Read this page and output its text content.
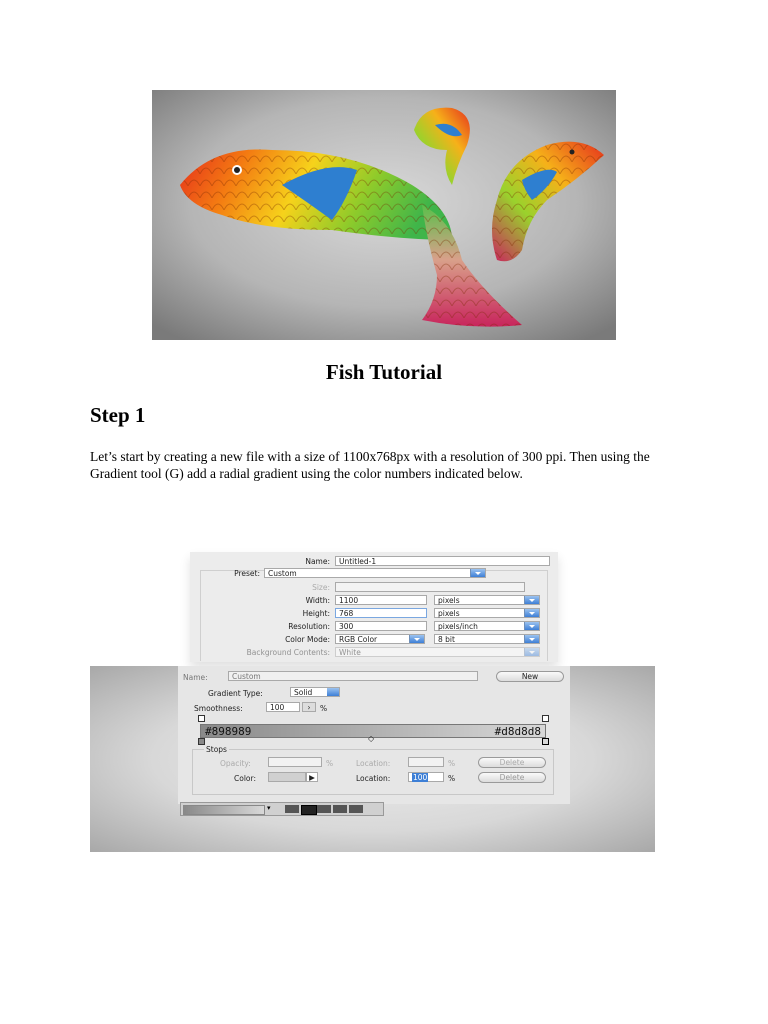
Fish Tutorial
Step 1
Let’s start by creating a new file with a size of 1100x768px with a resolution of 300 ppi. Then using the Gradient tool (G) add a radial gradient using the color numbers indicated below.
Name:	Untitled-1
Preset:	Custom
Size:
Width:	1100	pixels
Height:	768	pixels
Resolution:	300	pixels/inch
Color Mode:	RGB Color	8 bit
Background Contents:	White
Name:	Custom	New
Gradient Type:	Solid
Smoothness:	100	›	%
#898989	#d8d8d8
◇
Stops
Opacity:	%	Location:	%	Delete
Color:	▶	Location:	100	%	Delete
▾
